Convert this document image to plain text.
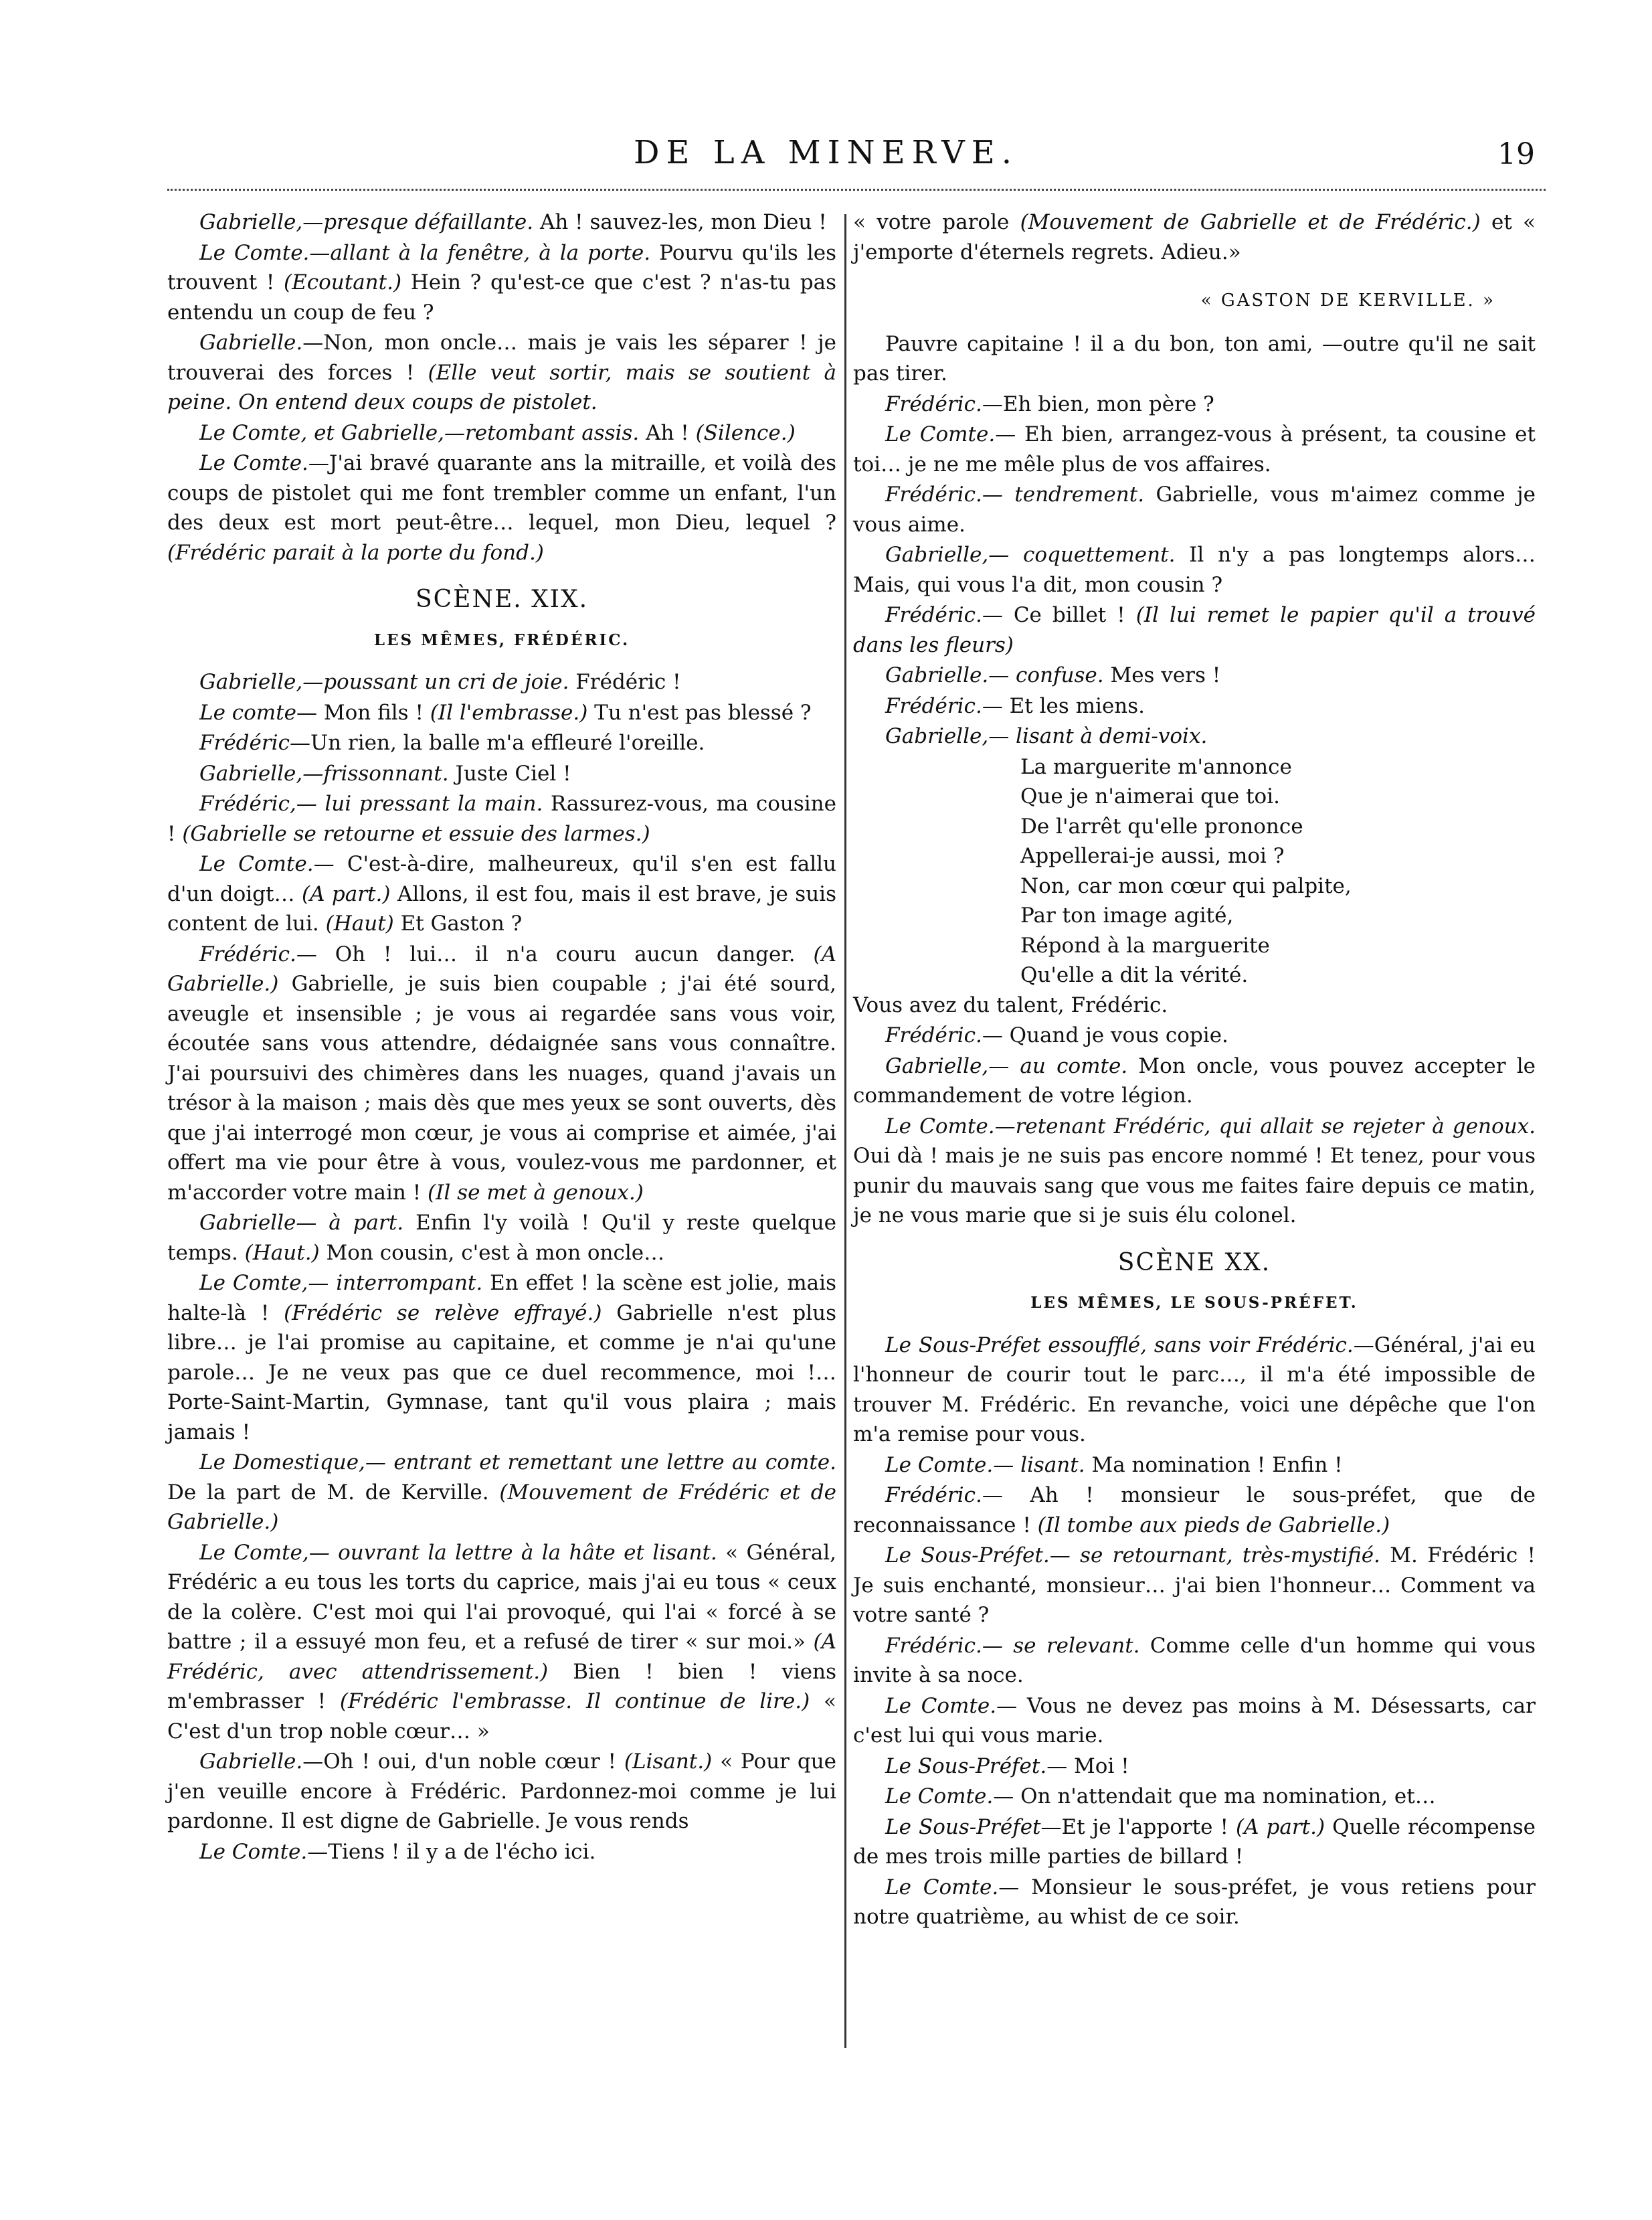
DE LA MINERVE.	19

Gabrielle,—presque défaillante. Ah ! sauvez-les, mon Dieu !

Le Comte.—allant à la fenêtre, à la porte. Pourvu qu'ils les trouvent ! (Ecoutant.) Hein ? qu'est-ce que c'est ? n'as-tu pas entendu un coup de feu ?

Gabrielle.—Non, mon oncle… mais je vais les séparer ! je trouverai des forces ! (Elle veut sortir, mais se soutient à peine. On entend deux coups de pistolet.

Le Comte, et Gabrielle,—retombant assis. Ah ! (Silence.)

Le Comte.—J'ai bravé quarante ans la mitraille, et voilà des coups de pistolet qui me font trembler comme un enfant, l'un des deux est mort peut-être… lequel, mon Dieu, lequel ? (Frédéric parait à la porte du fond.)

SCÈNE. XIX.
LES MÊMES, FRÉDÉRIC.

Gabrielle,—poussant un cri de joie. Frédéric !

Le comte— Mon fils ! (Il l'embrasse.) Tu n'est pas blessé ?

Frédéric—Un rien, la balle m'a effleuré l'oreille.

Gabrielle,—frissonnant. Juste Ciel !

Frédéric,— lui pressant la main. Rassurez-vous, ma cousine ! (Gabrielle se retourne et essuie des larmes.)

Le Comte.— C'est-à-dire, malheureux, qu'il s'en est fallu d'un doigt… (A part.) Allons, il est fou, mais il est brave, je suis content de lui. (Haut) Et Gaston ?

Frédéric.— Oh ! lui… il n'a couru aucun danger. (A Gabrielle.) Gabrielle, je suis bien coupable ; j'ai été sourd, aveugle et insensible ; je vous ai regardée sans vous voir, écoutée sans vous attendre, dédaignée sans vous connaître. J'ai poursuivi des chimères dans les nuages, quand j'avais un trésor à la maison ; mais dès que mes yeux se sont ouverts, dès que j'ai interrogé mon cœur, je vous ai comprise et aimée, j'ai offert ma vie pour être à vous, voulez-vous me pardonner, et m'accorder votre main ! (Il se met à genoux.)

Gabrielle— à part. Enfin l'y voilà ! Qu'il y reste quelque temps. (Haut.) Mon cousin, c'est à mon oncle…

Le Comte,— interrompant. En effet ! la scène est jolie, mais halte-là ! (Frédéric se relève effrayé.) Gabrielle n'est plus libre… je l'ai promise au capitaine, et comme je n'ai qu'une parole… Je ne veux pas que ce duel recommence, moi !… Porte-Saint-Martin, Gymnase, tant qu'il vous plaira ; mais jamais !

Le Domestique,— entrant et remettant une lettre au comte. De la part de M. de Kerville. (Mouvement de Frédéric et de Gabrielle.)

Le Comte,— ouvrant la lettre à la hâte et lisant. « Général, Frédéric a eu tous les torts du caprice, mais j'ai eu tous « ceux de la colère. C'est moi qui l'ai provoqué, qui l'ai « forcé à se battre ; il a essuyé mon feu, et a refusé de tirer « sur moi.» (A Frédéric, avec attendrissement.) Bien ! bien ! viens m'embrasser ! (Frédéric l'embrasse. Il continue de lire.) « C'est d'un trop noble cœur… »

Gabrielle.—Oh ! oui, d'un noble cœur ! (Lisant.) « Pour que j'en veuille encore à Frédéric. Pardonnez-moi comme je lui pardonne. Il est digne de Gabrielle. Je vous rends

Le Comte.—Tiens ! il y a de l'écho ici.

« votre parole (Mouvement de Gabrielle et de Frédéric.) et « j'emporte d'éternels regrets. Adieu.»

« GASTON DE KERVILLE. »

Pauvre capitaine ! il a du bon, ton ami, —outre qu'il ne sait pas tirer.

Frédéric.—Eh bien, mon père ?

Le Comte.— Eh bien, arrangez-vous à présent, ta cousine et toi… je ne me mêle plus de vos affaires.

Frédéric.— tendrement. Gabrielle, vous m'aimez comme je vous aime.

Gabrielle,— coquettement. Il n'y a pas longtemps alors… Mais, qui vous l'a dit, mon cousin ?

Frédéric.— Ce billet ! (Il lui remet le papier qu'il a trouvé dans les fleurs)

Gabrielle.— confuse. Mes vers !

Frédéric.— Et les miens.

Gabrielle,— lisant à demi-voix.

La marguerite m'annonce
Que je n'aimerai que toi.
De l'arrêt qu'elle prononce
Appellerai-je aussi, moi ?
Non, car mon cœur qui palpite,
Par ton image agité,
Répond à la marguerite
Qu'elle a dit la vérité.

Vous avez du talent, Frédéric.

Frédéric.— Quand je vous copie.

Gabrielle,— au comte. Mon oncle, vous pouvez accepter le commandement de votre légion.

Le Comte.—retenant Frédéric, qui allait se rejeter à genoux. Oui dà ! mais je ne suis pas encore nommé ! Et tenez, pour vous punir du mauvais sang que vous me faites faire depuis ce matin, je ne vous marie que si je suis élu colonel.

SCÈNE XX.
LES MÊMES, LE SOUS-PRÉFET.

Le Sous-Préfet essoufflé, sans voir Frédéric.—Général, j'ai eu l'honneur de courir tout le parc…, il m'a été impossible de trouver M. Frédéric. En revanche, voici une dépêche que l'on m'a remise pour vous.

Le Comte.— lisant. Ma nomination ! Enfin !

Frédéric.— Ah ! monsieur le sous-préfet, que de reconnaissance ! (Il tombe aux pieds de Gabrielle.)

Le Sous-Préfet.— se retournant, très-mystifié. M. Frédéric ! Je suis enchanté, monsieur… j'ai bien l'honneur… Comment va votre santé ?

Frédéric.— se relevant. Comme celle d'un homme qui vous invite à sa noce.

Le Comte.— Vous ne devez pas moins à M. Désessarts, car c'est lui qui vous marie.

Le Sous-Préfet.— Moi !

Le Comte.— On n'attendait que ma nomination, et…

Le Sous-Préfet—Et je l'apporte ! (A part.) Quelle récompense de mes trois mille parties de billard !

Le Comte.— Monsieur le sous-préfet, je vous retiens pour notre quatrième, au whist de ce soir.
